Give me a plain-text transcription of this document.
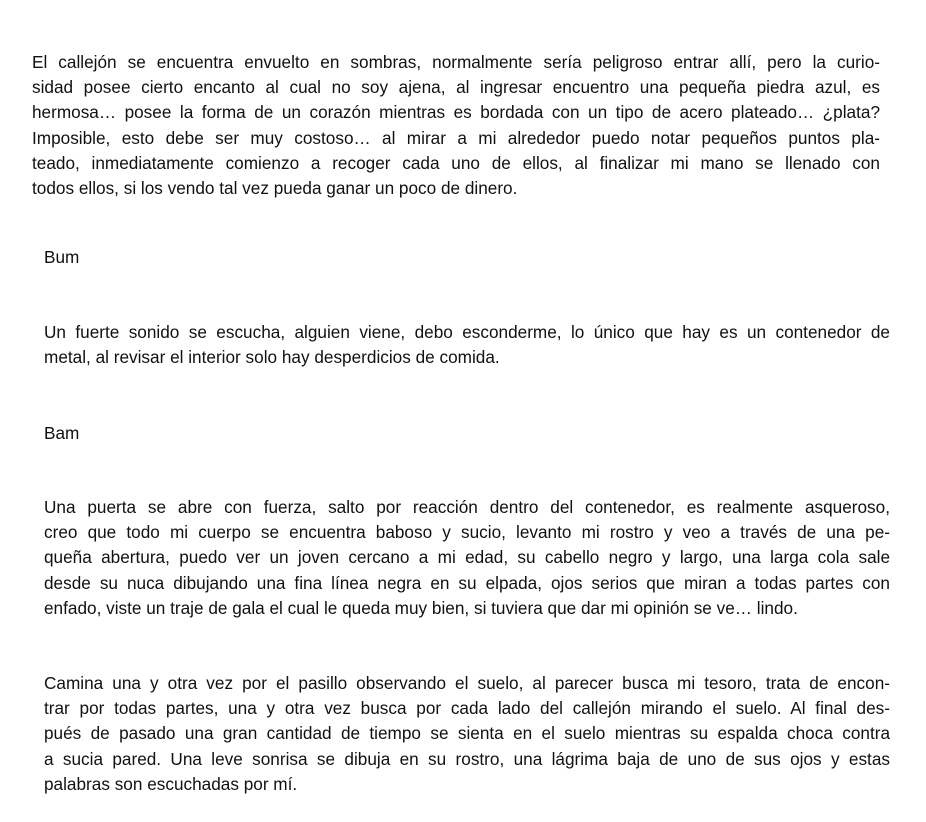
El callejón se encuentra envuelto en sombras, normalmente sería peligroso entrar allí, pero la curio-
sidad posee cierto encanto al cual no soy ajena, al ingresar encuentro una pequeña piedra azul, es
hermosa… posee la forma de un corazón mientras es bordada con un tipo de acero plateado… ¿plata?
Imposible, esto debe ser muy costoso… al mirar a mi alrededor puedo notar pequeños puntos pla-
teado, inmediatamente comienzo a recoger cada uno de ellos, al finalizar mi mano se llenado con
todos ellos, si los vendo tal vez pueda ganar un poco de dinero.
Bum
Un fuerte sonido se escucha, alguien viene, debo esconderme, lo único que hay es un contenedor de
metal, al revisar el interior solo hay desperdicios de comida.
Bam
Una puerta se abre con fuerza, salto por reacción dentro del contenedor, es realmente asqueroso,
creo que todo mi cuerpo se encuentra baboso y sucio, levanto mi rostro y veo a través de una pe-
queña abertura, puedo ver un joven cercano a mi edad, su cabello negro y largo, una larga cola sale
desde su nuca dibujando una fina línea negra en su elpada, ojos serios que miran a todas partes con
enfado, viste un traje de gala el cual le queda muy bien, si tuviera que dar mi opinión se ve… lindo.
Camina una y otra vez por el pasillo observando el suelo, al parecer busca mi tesoro, trata de encon-
trar por todas partes, una y otra vez busca por cada lado del callejón mirando el suelo. Al final des-
pués de pasado una gran cantidad de tiempo se sienta en el suelo mientras su espalda choca contra
a sucia pared. Una leve sonrisa se dibuja en su rostro, una lágrima baja de uno de sus ojos y estas
palabras son escuchadas por mí.
